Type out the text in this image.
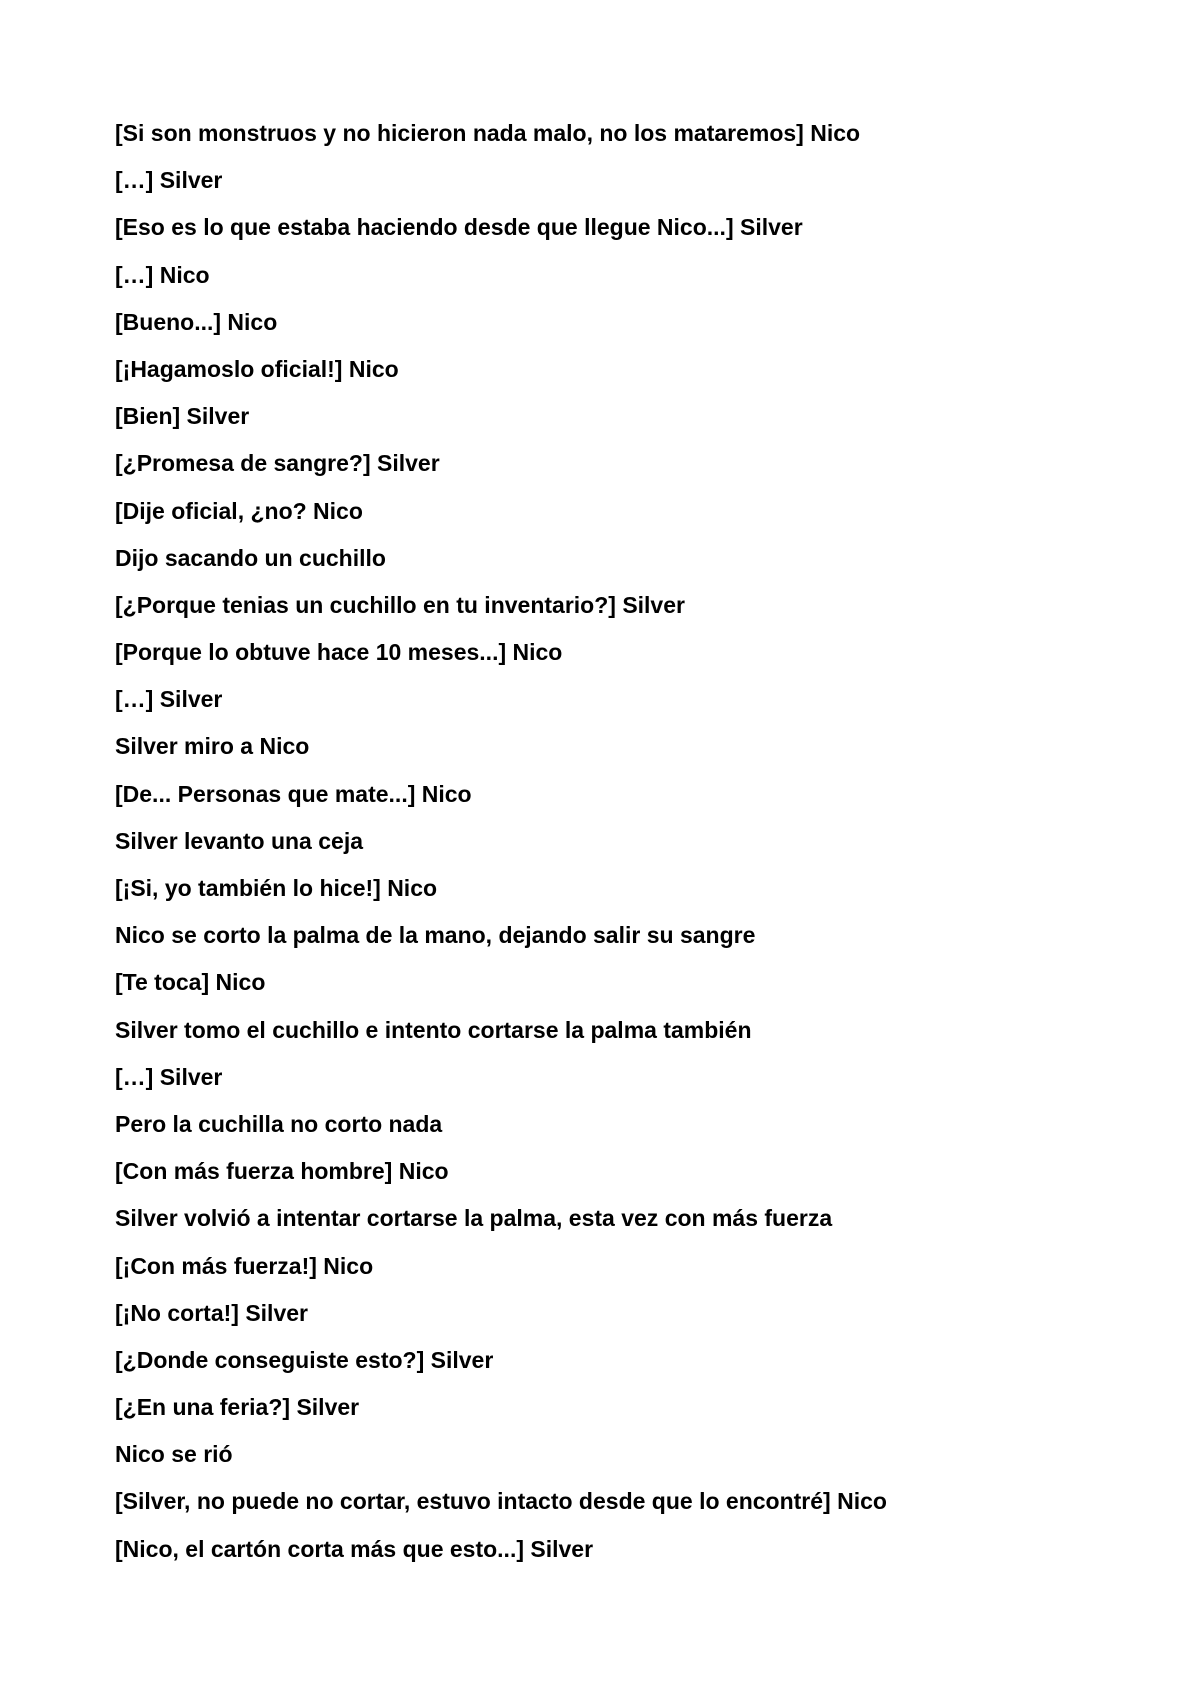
[Si son monstruos y no hicieron nada malo, no los mataremos] Nico
[…] Silver
[Eso es lo que estaba haciendo desde que llegue Nico...] Silver
[…] Nico
[Bueno...] Nico
[¡Hagamoslo oficial!] Nico
[Bien] Silver
[¿Promesa de sangre?] Silver
[Dije oficial, ¿no? Nico
Dijo sacando un cuchillo
[¿Porque tenias un cuchillo en tu inventario?] Silver
[Porque lo obtuve hace 10 meses...] Nico
[…] Silver
Silver miro a Nico
[De... Personas que mate...] Nico
Silver levanto una ceja
[¡Si, yo también lo hice!] Nico
Nico se corto la palma de la mano, dejando salir su sangre
[Te toca] Nico
Silver tomo el cuchillo e intento cortarse la palma también
[…] Silver
Pero la cuchilla no corto nada
[Con más fuerza hombre] Nico
Silver volvió a intentar cortarse la palma, esta vez con más fuerza
[¡Con más fuerza!] Nico
[¡No corta!] Silver
[¿Donde conseguiste esto?] Silver
[¿En una feria?] Silver
Nico se rió
[Silver, no puede no cortar, estuvo intacto desde que lo encontré] Nico
[Nico, el cartón corta más que esto...] Silver
